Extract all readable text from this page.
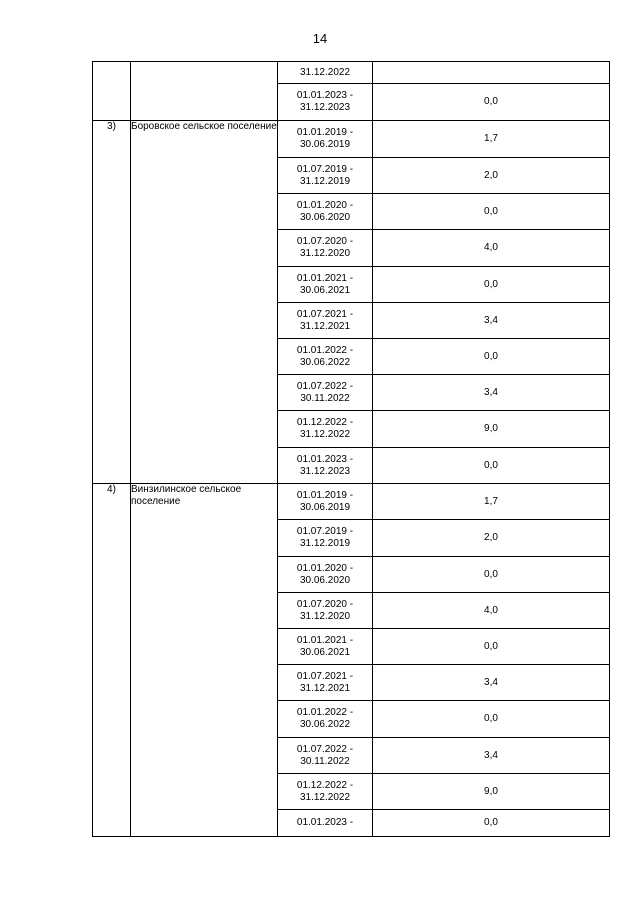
14

		31.12.2022	

		01.01.2023 -
31.12.2023	0,0
3)	Боровское сельское поселение	01.01.2019 -
30.06.2019	1,7

		01.07.2019 -
31.12.2019	2,0

		01.01.2020 -
30.06.2020	0,0

		01.07.2020 -
31.12.2020	4,0

		01.01.2021 -
30.06.2021	0,0

		01.07.2021 -
31.12.2021	3,4

		01.01.2022 -
30.06.2022	0,0

		01.07.2022 -
30.11.2022	3,4

		01.12.2022 -
31.12.2022	9,0

		01.01.2023 -
31.12.2023	0,0
4)	Винзилинское сельское поселение	01.01.2019 -
30.06.2019	1,7

		01.07.2019 -
31.12.2019	2,0

		01.01.2020 -
30.06.2020	0,0

		01.07.2020 -
31.12.2020	4,0

		01.01.2021 -
30.06.2021	0,0

		01.07.2021 -
31.12.2021	3,4

		01.01.2022 -
30.06.2022	0,0

		01.07.2022 -
30.11.2022	3,4

		01.12.2022 -
31.12.2022	9,0

		01.01.2023 -	0,0
